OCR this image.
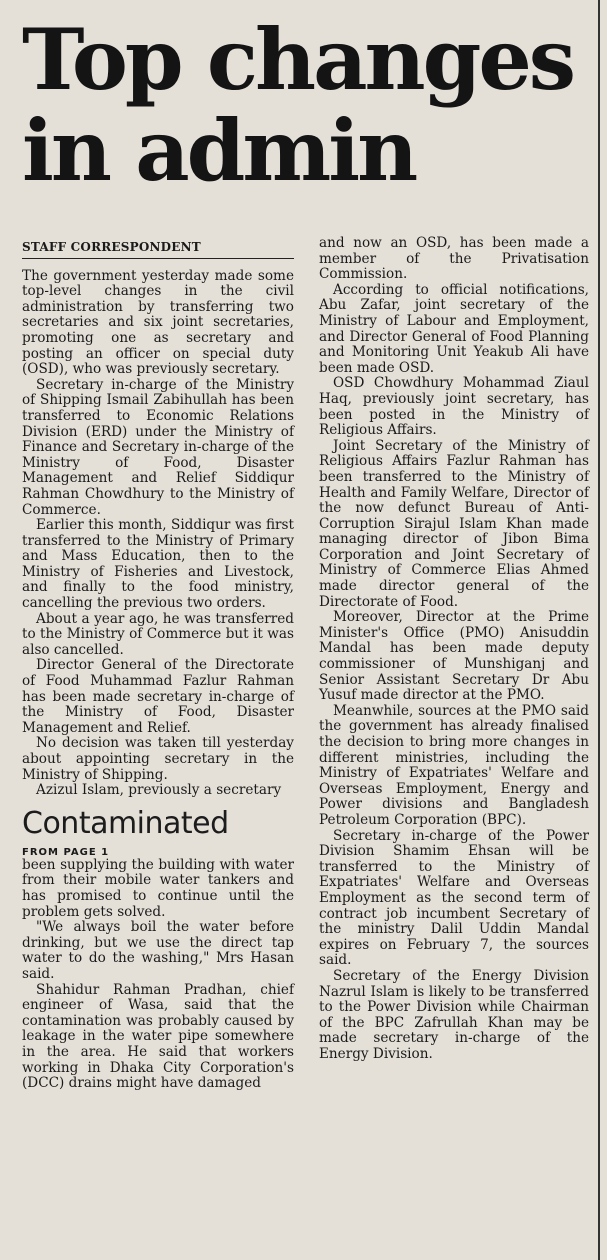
Top changes
in admin
STAFF CORRESPONDENT

The government yesterday made some top-level changes in the civil administration by transferring two secretaries and six joint secretaries, promoting one as secretary and posting an officer on special duty (OSD), who was previously secretary.

Secretary in-charge of the Ministry of Shipping Ismail Zabihullah has been transferred to Economic Relations Division (ERD) under the Ministry of Finance and Secretary in-charge of the Ministry of Food, Disaster Management and Relief Siddiqur Rahman Chowdhury to the Ministry of Commerce.

Earlier this month, Siddiqur was first transferred to the Ministry of Primary and Mass Education, then to the Ministry of Fisheries and Livestock, and finally to the food ministry, cancelling the previous two orders.

About a year ago, he was transferred to the Ministry of Commerce but it was also cancelled.

Director General of the Directorate of Food Muhammad Fazlur Rahman has been made secretary in-charge of the Ministry of Food, Disaster Management and Relief.

No decision was taken till yesterday about appointing secretary in the Ministry of Shipping.

Azizul Islam, previously a secretary

Contaminated
FROM PAGE 1

been supplying the building with water from their mobile water tankers and has promised to continue until the problem gets solved.

"We always boil the water before drinking, but we use the direct tap water to do the washing," Mrs Hasan said.

Shahidur Rahman Pradhan, chief engineer of Wasa, said that the contamination was probably caused by leakage in the water pipe somewhere in the area. He said that workers working in Dhaka City Corporation's (DCC) drains might have damaged

and now an OSD, has been made a member of the Privatisation Commission.

According to official notifications, Abu Zafar, joint secretary of the Ministry of Labour and Employment, and Director General of Food Planning and Monitoring Unit Yeakub Ali have been made OSD.

OSD Chowdhury Mohammad Ziaul Haq, previously joint secretary, has been posted in the Ministry of Religious Affairs.

Joint Secretary of the Ministry of Religious Affairs Fazlur Rahman has been transferred to the Ministry of Health and Family Welfare, Director of the now defunct Bureau of Anti-Corruption Sirajul Islam Khan made managing director of Jibon Bima Corporation and Joint Secretary of Ministry of Commerce Elias Ahmed made director general of the Directorate of Food.

Moreover, Director at the Prime Minister's Office (PMO) Anisuddin Mandal has been made deputy commissioner of Munshiganj and Senior Assistant Secretary Dr Abu Yusuf made director at the PMO.

Meanwhile, sources at the PMO said the government has already finalised the decision to bring more changes in different ministries, including the Ministry of Expatriates' Welfare and Overseas Employment, Energy and Power divisions and Bangladesh Petroleum Corporation (BPC).

Secretary in-charge of the Power Division Shamim Ehsan will be transferred to the Ministry of Expatriates' Welfare and Overseas Employment as the second term of contract job incumbent Secretary of the ministry Dalil Uddin Mandal expires on February 7, the sources said.

Secretary of the Energy Division Nazrul Islam is likely to be transferred to the Power Division while Chairman of the BPC Zafrullah Khan may be made secretary in-charge of the Energy Division.
